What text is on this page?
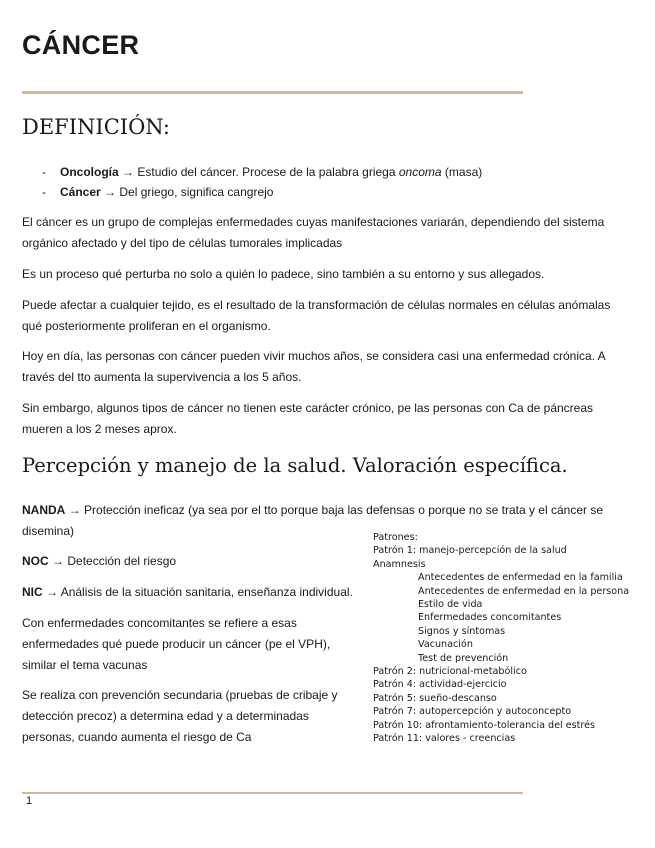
CÁNCER
DEFINICIÓN:
- Oncología → Estudio del cáncer. Procese de la palabra griega oncoma (masa)
- Cáncer → Del griego, significa cangrejo
El cáncer es un grupo de complejas enfermedades cuyas manifestaciones variarán, dependiendo del sistema orgánico afectado y del tipo de células tumorales implicadas
Es un proceso qué perturba no solo a quién lo padece, sino también a su entorno y sus allegados.
Puede afectar a cualquier tejido, es el resultado de la transformación de células normales en células anómalas qué posteriormente proliferan en el organismo.
Hoy en día, las personas con cáncer pueden vivir muchos años, se considera casi una enfermedad crónica. A través del tto aumenta la supervivencia a los 5 años.
Sin embargo, algunos tipos de cáncer no tienen este carácter crónico, pe las personas con Ca de páncreas mueren a los 2 meses aprox.
Percepción y manejo de la salud. Valoración específica.
NANDA → Protección ineficaz (ya sea por el tto porque baja las defensas o porque no se trata y el cáncer se disemina)
NOC → Detección del riesgo
NIC → Análisis de la situación sanitaria, enseñanza individual.
Con enfermedades concomitantes se refiere a esas enfermedades qué puede producir un cáncer (pe el VPH), similar el tema vacunas
Se realiza con prevención secundaria (pruebas de cribaje y detección precoz) a determina edad y a determinadas personas, cuando aumenta el riesgo de Ca
Patrones:
Patrón 1: manejo-percepción de la salud
Anamnesis
Antecedentes de enfermedad en la familia
Antecedentes de enfermedad en la persona
Estilo de vida
Enfermedades concomitantes
Signos y síntomas
Vacunación
Test de prevención
Patrón 2: nutricional-metabólico
Patrón 4: actividad-ejercicio
Patrón 5: sueño-descanso
Patrón 7: autopercepción y autoconcepto
Patrón 10: afrontamiento-tolerancia del estrés
Patrón 11: valores - creencias
1
